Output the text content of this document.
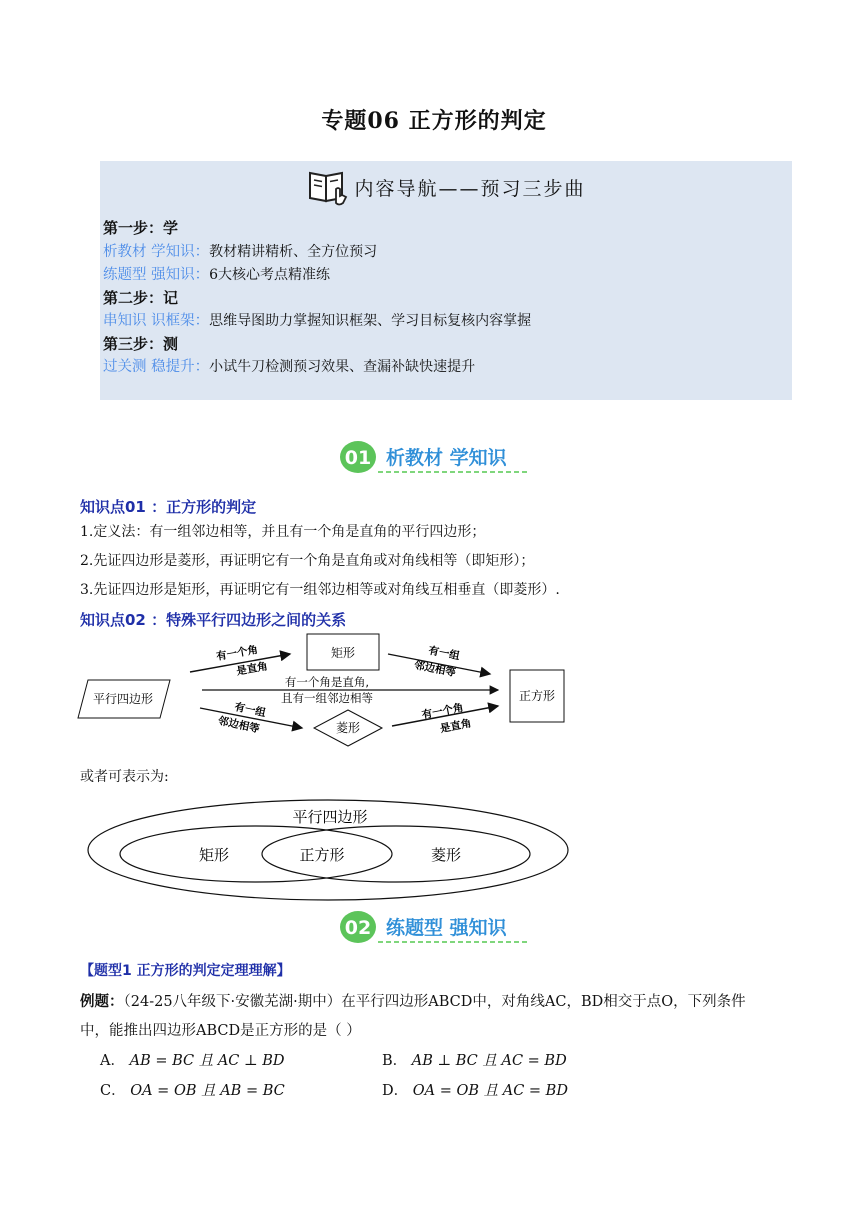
专题06 正方形的判定
内容导航——预习三步曲
第一步：学
析教材 学知识：教材精讲精析、全方位预习
练题型 强知识：6大核心考点精准练
第二步：记
串知识 识框架：思维导图助力掌握知识框架、学习目标复核内容掌握
第三步：测
过关测 稳提升：小试牛刀检测预习效果、查漏补缺快速提升
01 析教材 学知识
知识点01 ：正方形的判定
1.定义法：有一组邻边相等，并且有一个角是直角的平行四边形；
2.先证四边形是菱形，再证明它有一个角是直角或对角线相等（即矩形）；
3.先证四边形是矩形，再证明它有一组邻边相等或对角线互相垂直（即菱形）.
知识点02 ：特殊平行四边形之间的关系
平行四边形
矩形
菱形
正方形
有一个角
是直角
有一组
邻边相等
有一个角是直角,
且有一组邻边相等
有一组
邻边相等
有一个角
是直角
或者可表示为:
平行四边形
矩形	正方形	菱形
02 练题型 强知识
【题型1 正方形的判定定理理解】
例题：（24-25八年级下·安徽芜湖·期中）在平行四边形ABCD中，对角线AC，BD相交于点O，下列条件
中，能推出四边形ABCD是正方形的是（ ）
A． AB = BC 且 AC ⊥ BD	B． AB ⊥ BC 且 AC = BD
C． OA = OB 且 AB = BC	D． OA = OB 且 AC = BD
